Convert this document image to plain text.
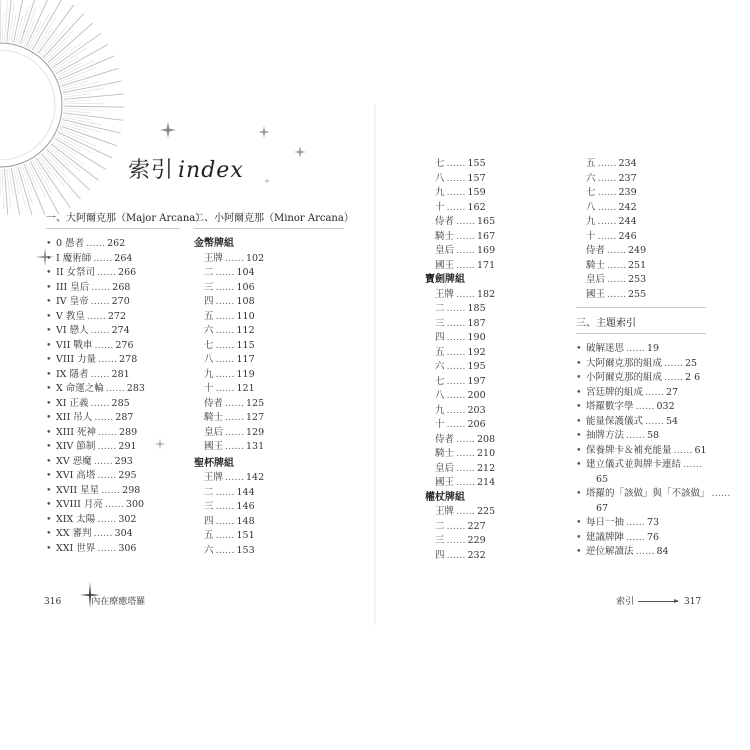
索引 index
一、大阿爾克那（Major Arcana）
• 0 愚者 …… 262
• I 魔術師 …… 264
• II 女祭司 …… 266
• III 皇后 …… 268
• IV 皇帝 …… 270
• V 教皇 …… 272
• VI 戀人 …… 274
• VII 戰車 …… 276
• VIII 力量 …… 278
• IX 隱者 …… 281
• X 命運之輪 …… 283
• XI 正義 …… 285
• XII 吊人 …… 287
• XIII 死神 …… 289
• XIV 節制 …… 291
• XV 惡魔 …… 293
• XVI 高塔 …… 295
• XVII 星星 …… 298
• XVIII 月亮 …… 300
• XIX 太陽 …… 302
• XX 審判 …… 304
• XXI 世界 …… 306
二、小阿爾克那（Minor Arcana）
金幣牌組
王牌 …… 102
二 …… 104
三 …… 106
四 …… 108
五 …… 110
六 …… 112
七 …… 115
八 …… 117
九 …… 119
十 …… 121
侍者 …… 125
騎士 …… 127
皇后 …… 129
國王 …… 131
聖杯牌組
王牌 …… 142
二 …… 144
三 …… 146
四 …… 148
五 …… 151
六 …… 153
七 …… 155
八 …… 157
九 …… 159
十 …… 162
侍者 …… 165
騎士 …… 167
皇后 …… 169
國王 …… 171
寶劍牌組
王牌 …… 182
二 …… 185
三 …… 187
四 …… 190
五 …… 192
六 …… 195
七 …… 197
八 …… 200
九 …… 203
十 …… 206
侍者 …… 208
騎士 …… 210
皇后 …… 212
國王 …… 214
權杖牌組
王牌 …… 225
二 …… 227
三 …… 229
四 …… 232
五 …… 234
六 …… 237
七 …… 239
八 …… 242
九 …… 244
十 …… 246
侍者 …… 249
騎士 …… 251
皇后 …… 253
國王 …… 255
三、主題索引
• 破解迷思 …… 19
• 大阿爾克那的組成 …… 25
• 小阿爾克那的組成 …… 2 6
• 宮廷牌的組成 …… 27
• 塔羅數字學 …… 032
• 能量保護儀式 …… 54
• 抽牌方法 …… 58
• 保養牌卡＆補充能量 …… 61
• 建立儀式並與牌卡連結 ……
65
• 塔羅的「該做」與「不該做」 ……
67
• 每日一抽 …… 73
• 建議牌陣 …… 76
• 逆位解讀法 …… 84
316	內在療癒塔羅	索引	317
